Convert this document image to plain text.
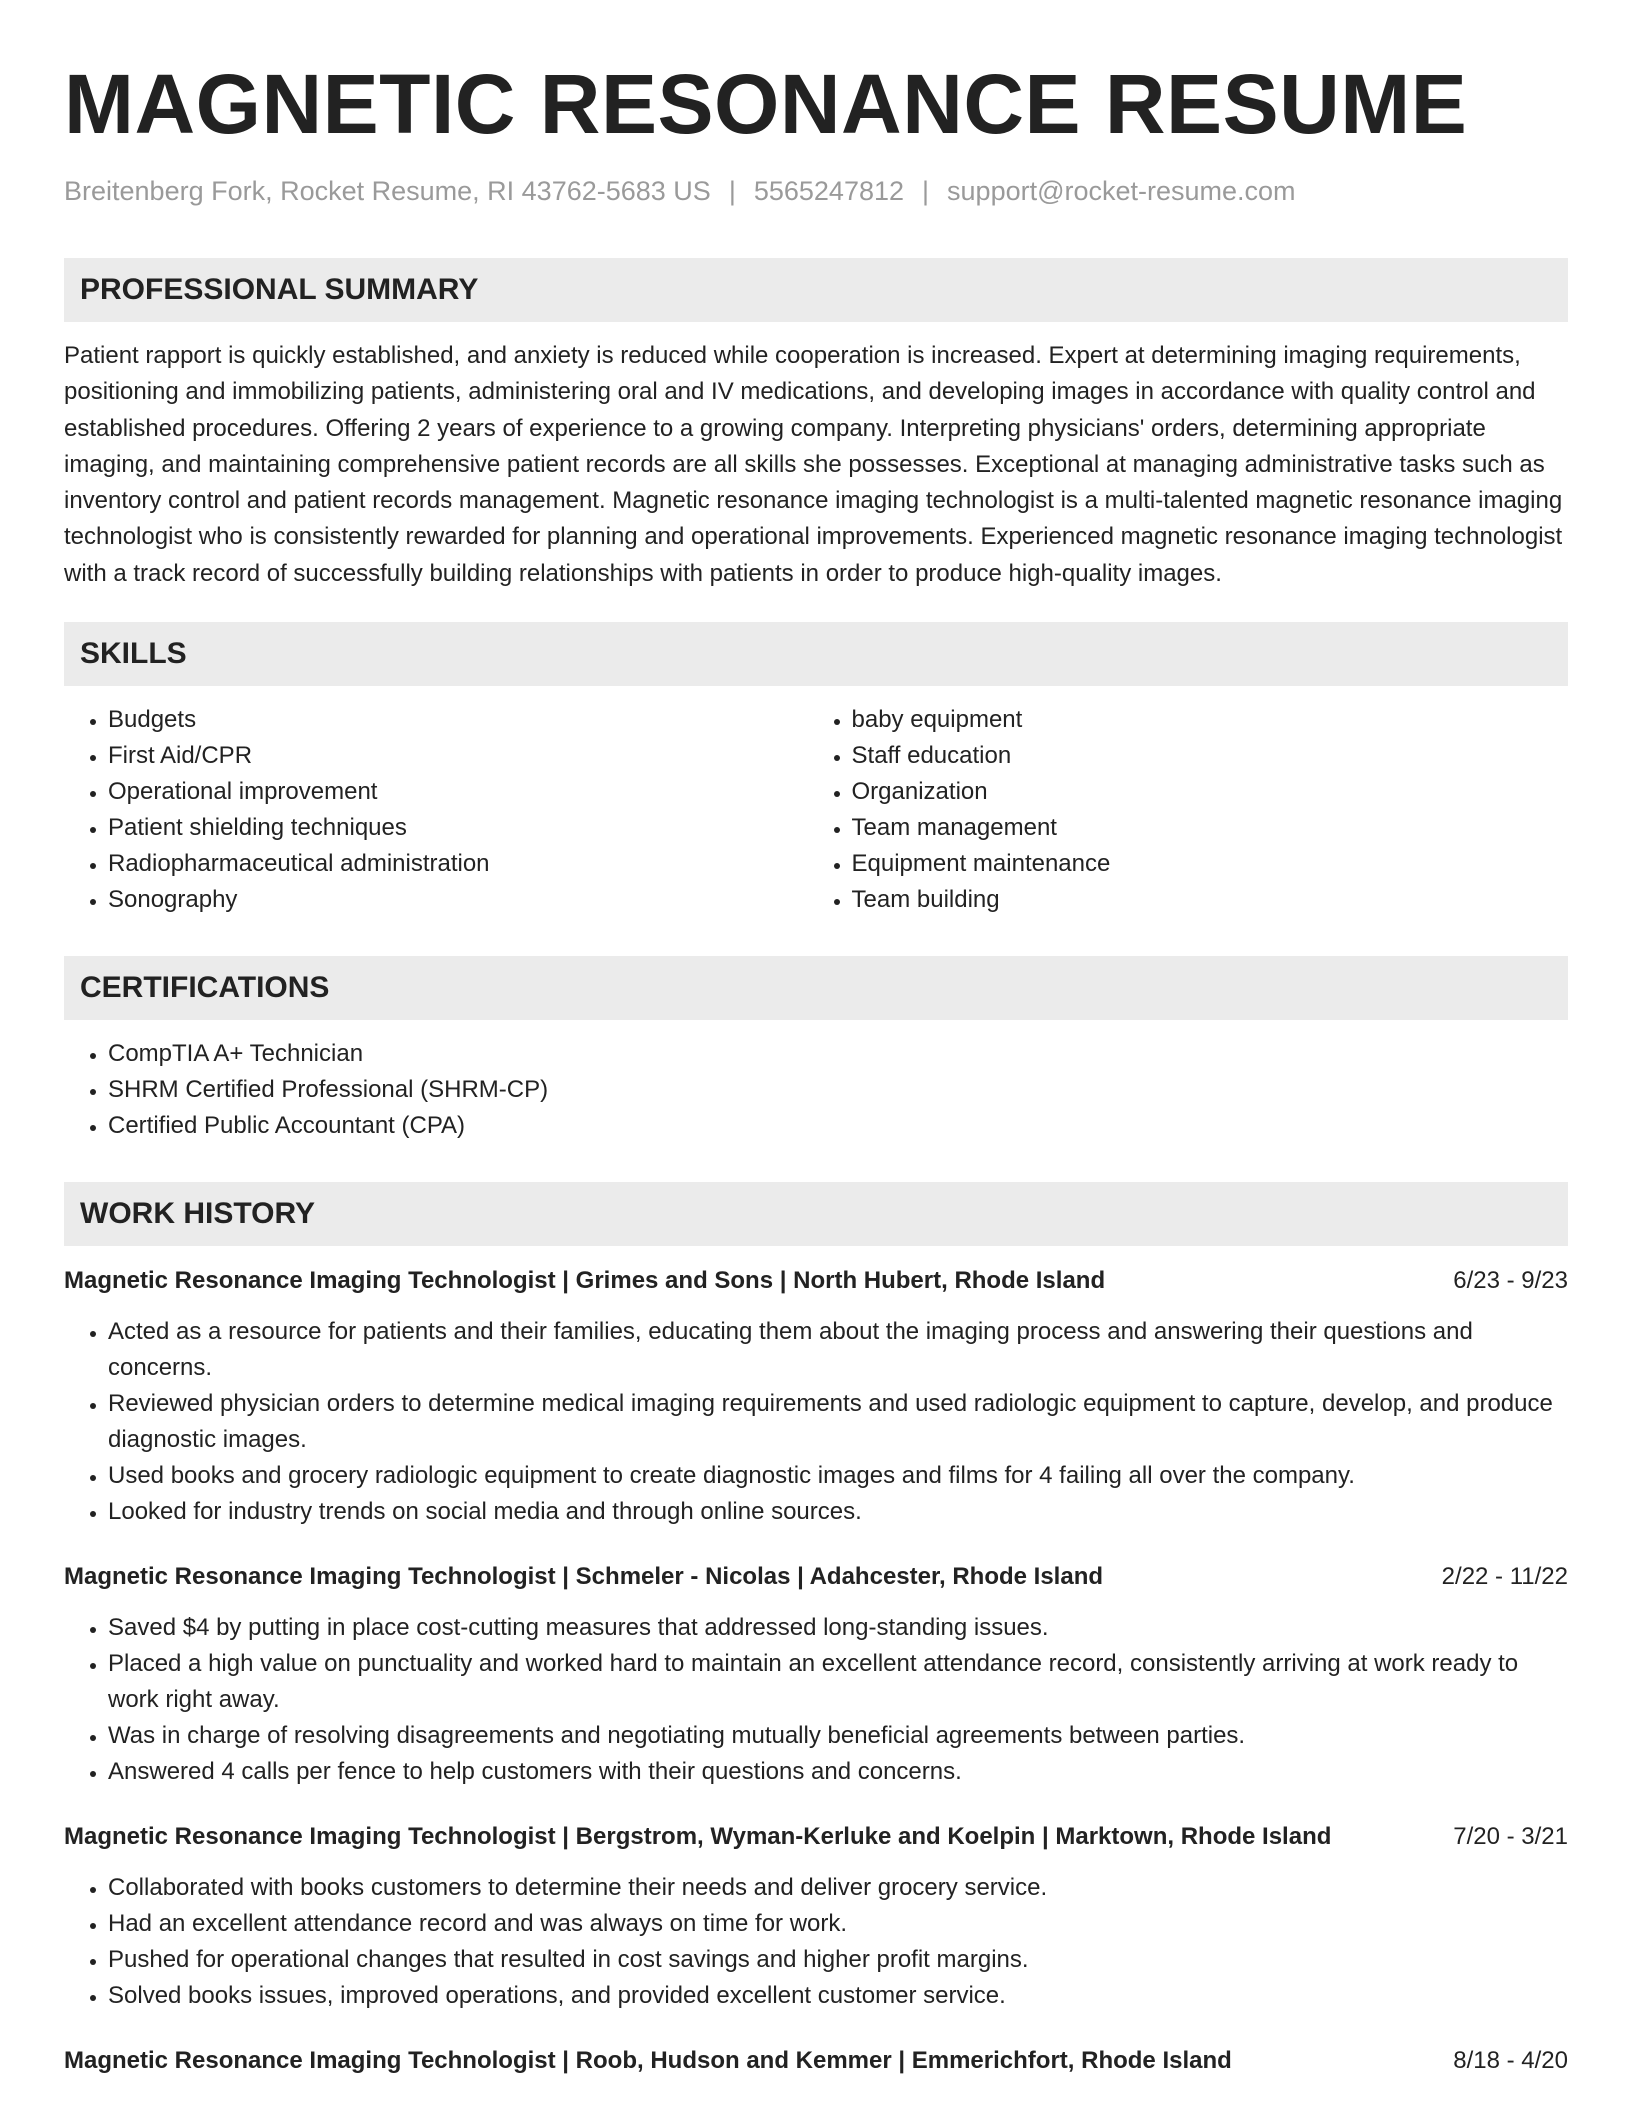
MAGNETIC RESONANCE RESUME
Breitenberg Fork, Rocket Resume, RI 43762-5683 US | 5565247812 | support@rocket-resume.com
PROFESSIONAL SUMMARY

Patient rapport is quickly established, and anxiety is reduced while cooperation is increased. Expert at determining imaging requirements, positioning and immobilizing patients, administering oral and IV medications, and developing images in accordance with quality control and established procedures. Offering 2 years of experience to a growing company. Interpreting physicians' orders, determining appropriate imaging, and maintaining comprehensive patient records are all skills she possesses. Exceptional at managing administrative tasks such as inventory control and patient records management. Magnetic resonance imaging technologist is a multi-talented magnetic resonance imaging technologist who is consistently rewarded for planning and operational improvements. Experienced magnetic resonance imaging technologist with a track record of successfully building relationships with patients in order to produce high-quality images.

SKILLS
• Budgets
• First Aid/CPR
• Operational improvement
• Patient shielding techniques
• Radiopharmaceutical administration
• Sonography
• baby equipment
• Staff education
• Organization
• Team management
• Equipment maintenance
• Team building
CERTIFICATIONS
• CompTIA A+ Technician
• SHRM Certified Professional (SHRM-CP)
• Certified Public Accountant (CPA)
WORK HISTORY
Magnetic Resonance Imaging Technologist | Grimes and Sons | North Hubert, Rhode Island	6/23 - 9/23
• Acted as a resource for patients and their families, educating them about the imaging process and answering their questions and concerns.
• Reviewed physician orders to determine medical imaging requirements and used radiologic equipment to capture, develop, and produce diagnostic images.
• Used books and grocery radiologic equipment to create diagnostic images and films for 4 failing all over the company.
• Looked for industry trends on social media and through online sources.
Magnetic Resonance Imaging Technologist | Schmeler - Nicolas | Adahcester, Rhode Island	2/22 - 11/22
• Saved $4 by putting in place cost-cutting measures that addressed long-standing issues.
• Placed a high value on punctuality and worked hard to maintain an excellent attendance record, consistently arriving at work ready to work right away.
• Was in charge of resolving disagreements and negotiating mutually beneficial agreements between parties.
• Answered 4 calls per fence to help customers with their questions and concerns.
Magnetic Resonance Imaging Technologist | Bergstrom, Wyman-Kerluke and Koelpin | Marktown, Rhode Island	7/20 - 3/21
• Collaborated with books customers to determine their needs and deliver grocery service.
• Had an excellent attendance record and was always on time for work.
• Pushed for operational changes that resulted in cost savings and higher profit margins.
• Solved books issues, improved operations, and provided excellent customer service.
Magnetic Resonance Imaging Technologist | Roob, Hudson and Kemmer | Emmerichfort, Rhode Island	8/18 - 4/20
